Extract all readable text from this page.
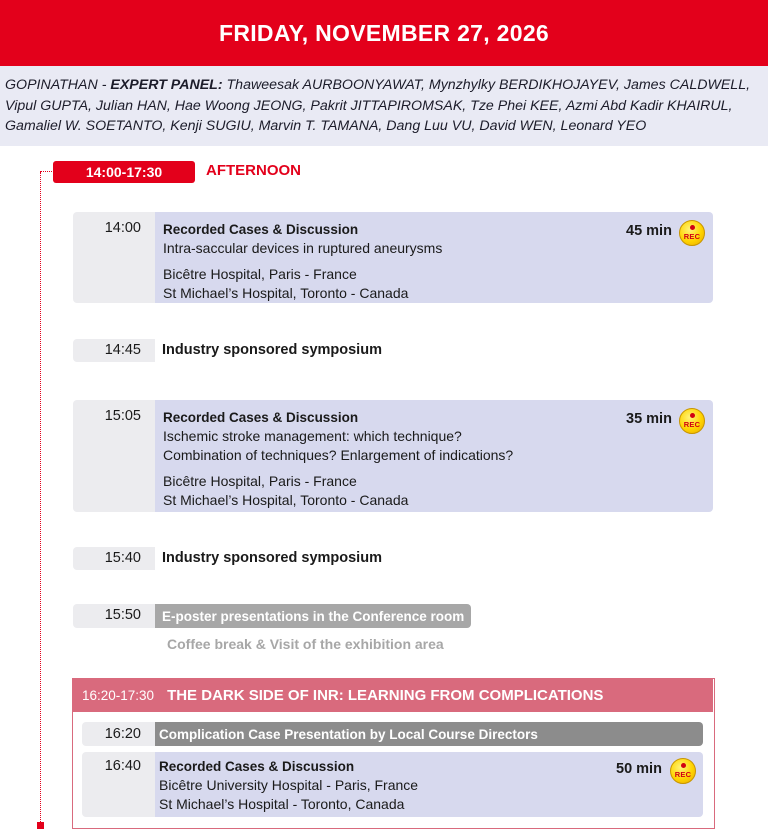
FRIDAY, NOVEMBER 27, 2026
GOPINATHAN - EXPERT PANEL: Thaweesak AURBOONYAWAT, Mynzhylky BERDIKHOJAYEV, James CALDWELL, Vipul GUPTA, Julian HAN, Hae Woong JEONG, Pakrit JITTAPIROMSAK, Tze Phei KEE, Azmi Abd Kadir KHAIRUL, Gamaliel W. SOETANTO, Kenji SUGIU, Marvin T. TAMANA, Dang Luu VU, David WEN, Leonard YEO
14:00-17:30	AFTERNOON
14:00	Recorded Cases & Discussion
Intra-saccular devices in ruptured aneurysms
Bicêtre Hospital, Paris - France
St Michael’s Hospital, Toronto - Canada
45 min	REC
14:45	Industry sponsored symposium
15:05	Recorded Cases & Discussion
Ischemic stroke management: which technique?
Combination of techniques? Enlargement of indications?
Bicêtre Hospital, Paris - France
St Michael’s Hospital, Toronto - Canada
35 min	REC
15:40	Industry sponsored symposium
15:50	E-poster presentations in the Conference room
Coffee break & Visit of the exhibition area
16:20-17:30 THE DARK SIDE OF INR: LEARNING FROM COMPLICATIONS
16:20	Complication Case Presentation by Local Course Directors
16:40	Recorded Cases & Discussion
Bicêtre University Hospital - Paris, France
St Michael’s Hospital - Toronto, Canada
50 min	REC
